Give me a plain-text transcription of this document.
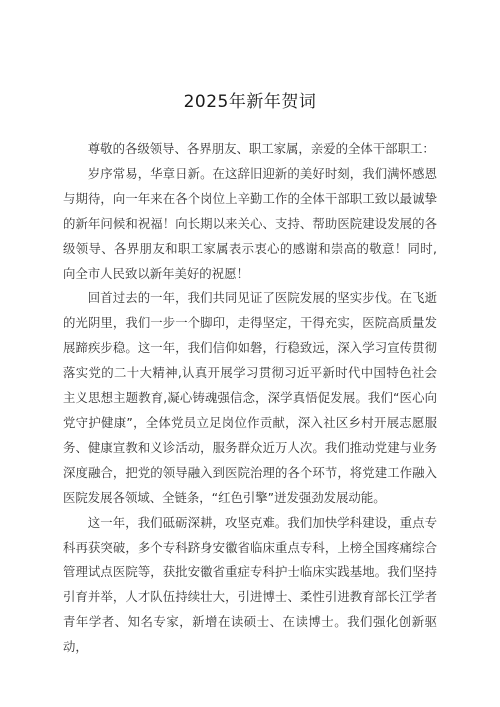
2025年新年贺词

尊敬的各级领导、各界朋友、职工家属，亲爱的全体干部职工：

岁序常易，华章日新。在这辞旧迎新的美好时刻，我们满怀感恩与期待，向一年来在各个岗位上辛勤工作的全体干部职工致以最诚挚的新年问候和祝福！向长期以来关心、支持、帮助医院建设发展的各级领导、各界朋友和职工家属表示衷心的感谢和崇高的敬意！同时,向全市人民致以新年美好的祝愿！

回首过去的一年，我们共同见证了医院发展的坚实步伐。在飞逝的光阴里，我们一步一个脚印，走得坚定，干得充实，医院高质量发展蹄疾步稳。这一年，我们信仰如磐，行稳致远，深入学习宣传贯彻落实党的二十大精神,认真开展学习贯彻习近平新时代中国特色社会主义思想主题教育,凝心铸魂强信念，深学真悟促发展。我们“医心向党守护健康”，全体党员立足岗位作贡献，深入社区乡村开展志愿服务、健康宣教和义诊活动，服务群众近万人次。我们推动党建与业务深度融合，把党的领导融入到医院治理的各个环节，将党建工作融入医院发展各领域、全链条，“红色引擎”迸发强劲发展动能。

这一年，我们砥砺深耕，攻坚克难。我们加快学科建设，重点专科再获突破，多个专科跻身安徽省临床重点专科，上榜全国疼痛综合管理试点医院等，获批安徽省重症专科护士临床实践基地。我们坚持引育并举，人才队伍持续壮大，引进博士、柔性引进教育部长江学者青年学者、知名专家，新增在读硕士、在读博士。我们强化创新驱动，
